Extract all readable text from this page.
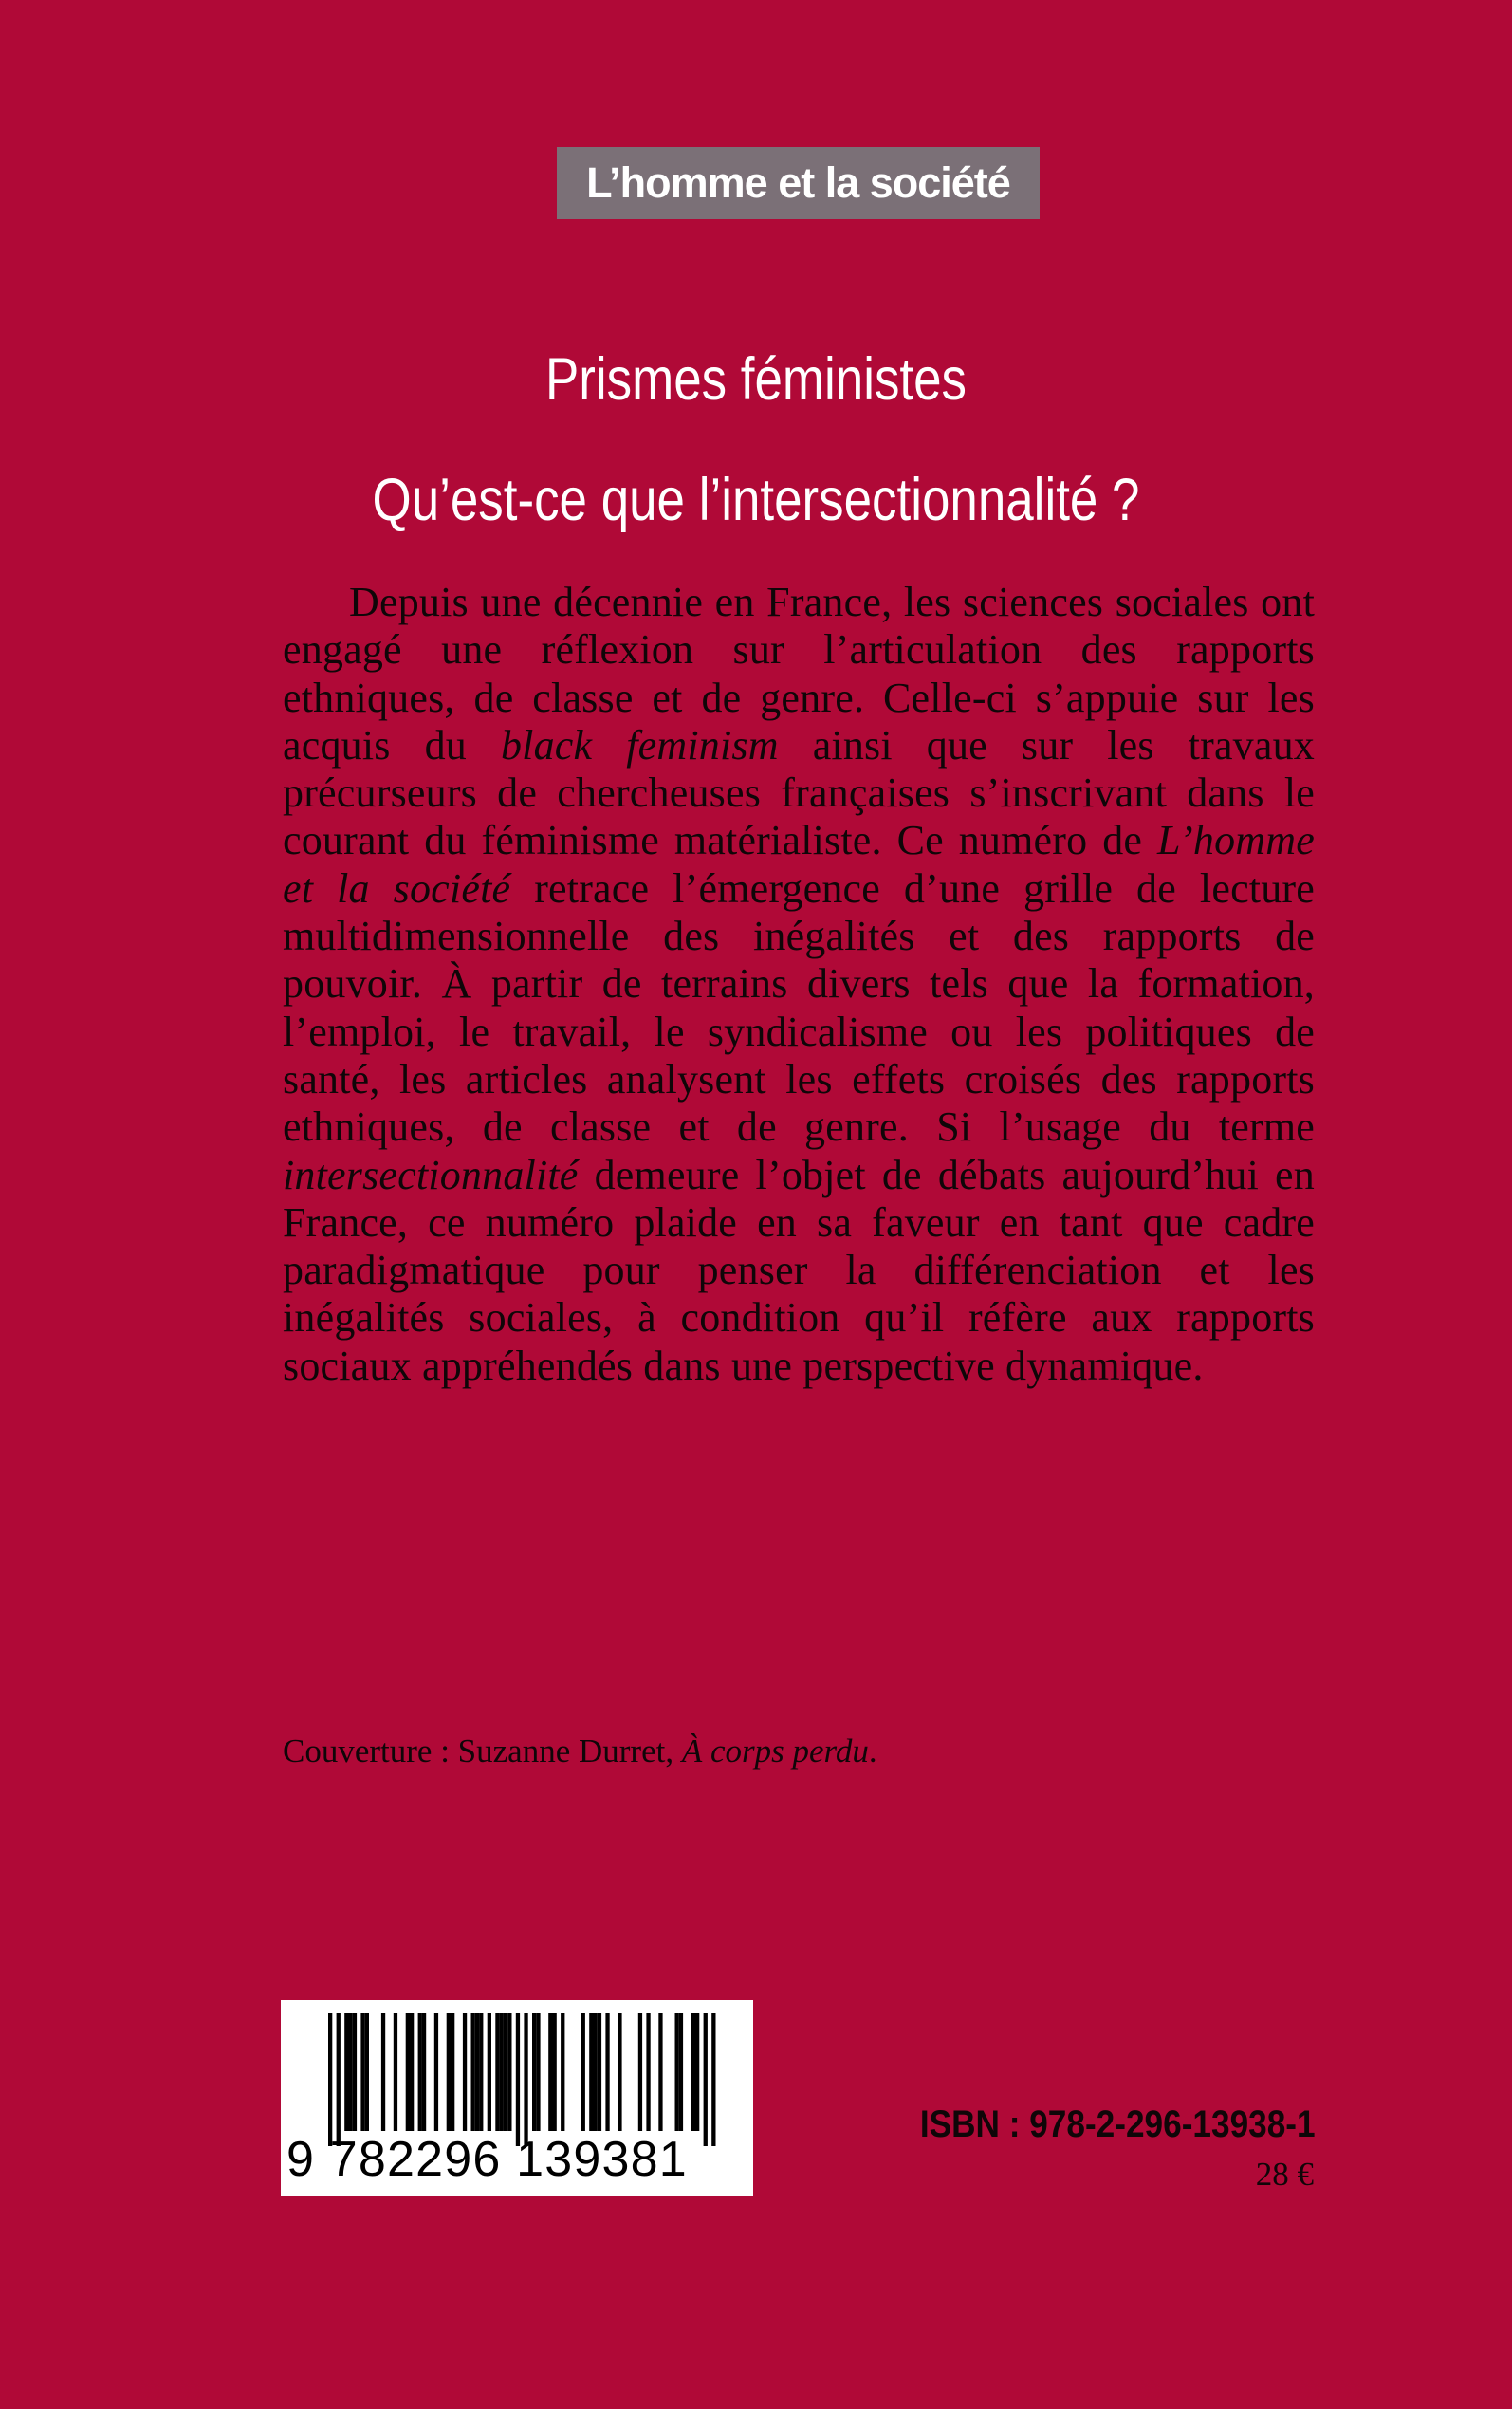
L’homme et la société
Prismes féministes
Qu’est-ce que l’intersectionnalité ?
Depuis une décennie en France, les sciences sociales ont engagé une réflexion sur l’articulation des rapports ethniques, de classe et de genre. Celle-ci s’appuie sur les acquis du black feminism ainsi que sur les travaux précurseurs de chercheuses françaises s’inscrivant dans le courant du féminisme matérialiste. Ce numéro de L’homme et la société retrace l’émergence d’une grille de lecture multidimensionnelle des inégalités et des rapports de pouvoir. À partir de terrains divers tels que la formation, l’emploi, le travail, le syndicalisme ou les politiques de santé, les articles analysent les effets croisés des rapports ethniques, de classe et de genre. Si l’usage du terme intersectionnalité demeure l’objet de débats aujourd’hui en France, ce numéro plaide en sa faveur en tant que cadre paradigmatique pour penser la différenciation et les inégalités sociales, à condition qu’il réfère aux rapports sociaux appréhendés dans une perspective dynamique.
Couverture : Suzanne Durret, À corps perdu.
9 782296 139381
ISBN : 978-2-296-13938-1
28 €
